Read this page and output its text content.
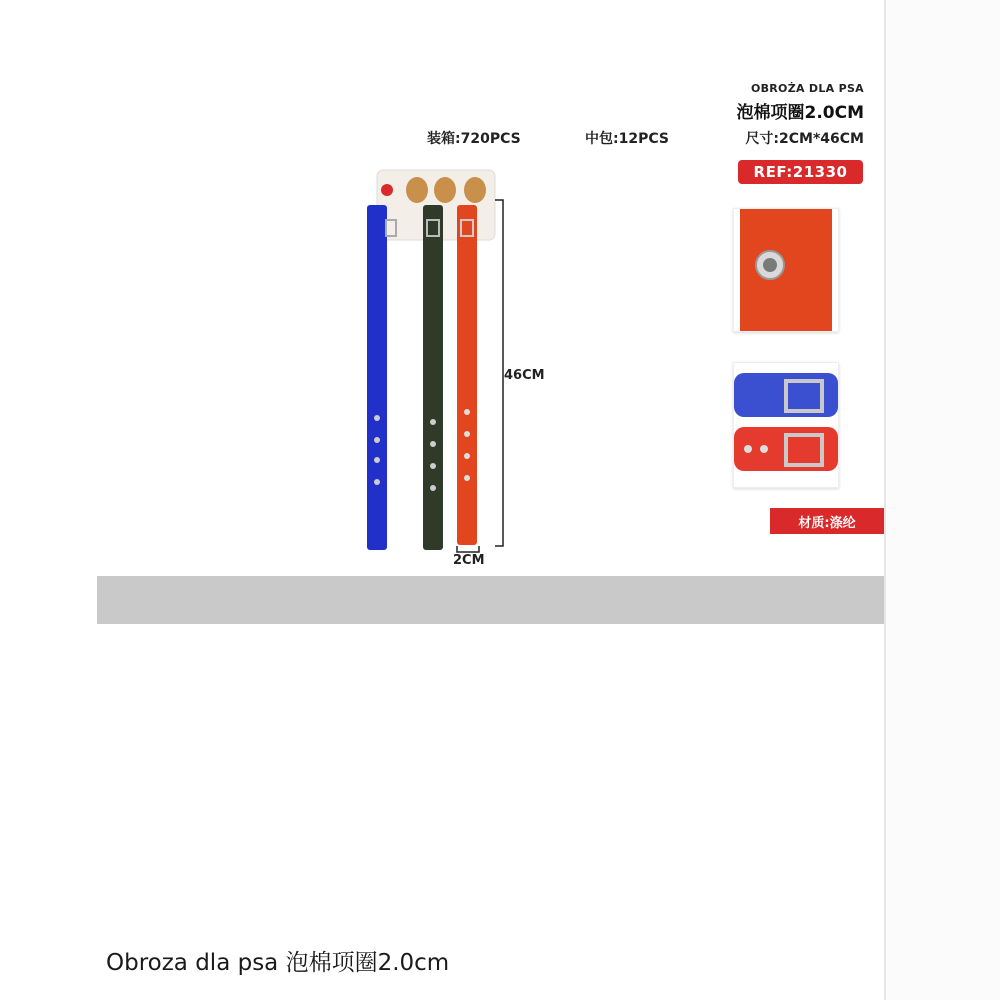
OBROŻA DLA PSA
泡棉项圈2.0CM
装箱:720PCS	中包:12PCS	尺寸:2CM*46CM
REF:21330
46CM
2CM
材质:涤纶
Obroza dla psa 泡棉项圈2.0cm
